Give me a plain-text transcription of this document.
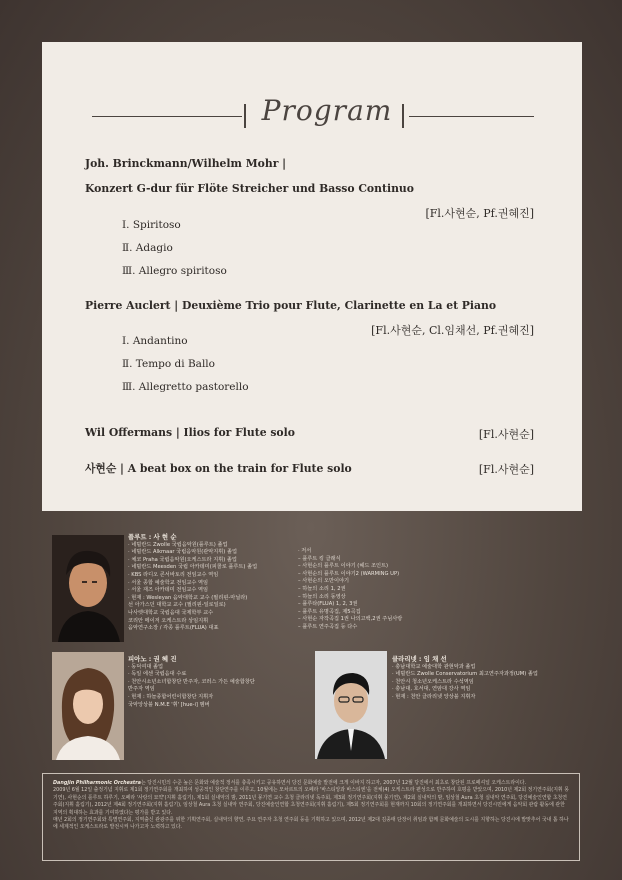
Program
Joh. Brinckmann/Wilhelm Mohr |
Konzert G-dur für Flöte Streicher und Basso Continuo
[Fl.사현순, Pf.권혜진]
Ⅰ. Spiritoso
Ⅱ. Adagio
Ⅲ. Allegro spiritoso
Pierre Auclert | Deuxième Trio pour Flute, Clarinette en La et Piano
[Fl.사현순, Cl.임채선, Pf.권혜진]
Ⅰ. Andantino
Ⅱ. Tempo di Ballo
Ⅲ. Allegretto pastorello
Wil Offermans | Ilios for Flute solo	[Fl.사현순]
사현순 | A beat box on the train for Flute solo	[Fl.사현순]
플루트 : 사 현 순
· 네덜란드 Zwolle 국립음악원(플루트) 졸업
· 네덜란드 Alkmaar 국립음악원(관악지휘) 졸업
· 체코 Praha 국립음악원(오케스트라 지휘) 졸업
· 네덜란드 Meesden 국립 아카데미(피콜로 플루트) 졸업
· KBS 라디오 콘서바토리 전임교수 역임
· 서울 종합 예술학교 전임교수 역임
· 서울 재즈 아카데미 전임교수 역임
· 현재 : Wesleyan 음악대학교 교수 (필리핀-마닐라)
선 아가스던 대학교 교수 (필리핀-일로일로)
나사렛대학교 국립음대 국제학부 교수
코리안 메이저 오케스트라 상임지휘
음악연구소장 / 각종 플루트(FLUA) 대표
· 저서
– 플루트 킹 클래식
– 사현순의 플루트 이야기 (헤드 조인트)
– 사현순의 플루트 이야기2 (WARMING UP)
– 사현순의 오만이야기
– 하늘의 소리 1, 2권
– 하늘의 소리 동영상
– 플루타(FLUA) 1, 2, 3권
– 플루트 유명곡집, 제5곡집
– 사현순 자작곡집 1권 나의고백,2권 주님사랑
– 플루트 연주곡집 등 다수
피아노 : 권 혜 진
· 동덕여대 졸업
· 독일 에센 국립음대 수료
· 천안시소년소녀합창단 반주자, 코러스 가든 예술합창단
반주자 역임
· 현재 : 하늘종합어린이합창단 지휘자
국악앙상블 N.M.E '휘' [hue-i] 멤버
클라리넷 : 임 채 선
· 충남대학교 예술대학 관현악과 졸업
· 네덜란드 Zwolle Conservatorium 최고연주자과정(UM) 졸업
· 천안시 청소년오케스트라 수석역임
· 충남대, 호서대, 연암대 강사 역임
· 현재 : 천안 클라리넷 앙상블 지휘자
Dangjin Philharmonic Orchestra는 당진시민의 수준 높은 문화와 예술적 정서를 충족시키고 공유하면서 당진 문화예술 발전에 크게 이바지 하고자, 2007년 12월 당진에서 최초로 창단된 프로페셔널 오케스트라이다.
2009년 6월 12일 출정기념 지휘로 제1회 정기연주회를 개최하여 성공적인 창단연주를 이루고, 10월에는 모차르트의 오페라 '바스티앙과 바스티엔'을 전체(4) 오케스트라 편성으로 반주하여 호평을 받았으며, 2010년 제2회 정기연주회(지휘 몽기연), 사현순의 플루트 하루기, 오페라 '사랑의 묘약'(지휘 홀림기), 제1회 실내악의 밤, 2011년 몽기연 교수 초청 클라리넷 독주회, 제3회 정기연주회(지휘 몽기연), 제2회 실내악의 밤, 임상철 Aura 초청 실내악 연주회, 당진예술인연합 초청연주회(지휘 홀림기), 2012년 제4회 정기연주회(지휘 홀림기), 임상철 Aura 초청 실내악 연주회, 당진예술인연합 초청연주회(지휘 홀림기), 제5회 정기연주회를 현재까지 10회의 정기연주회를 개최하면서 당진시민에게 음악회 관람 활동에 관한지역의 획대하는 효과를 기여하였다는 평가를 받고 있다.
매년 2회의 정기연주회와 특별연주회, 지역출신 관광주를 위한 기획연주회, 실내악의 향연, 주요 연주자 초청 연주회 등을 기획하고 있으며, 2012년 제2대 김종태 단장이 취임과 함께 문화예술의 도시를 지향하는 당진시에 발맞추어 국내 톱 하나에 세계적인 오케스트라로 발전시켜 나가고자 노력하고 있다.
